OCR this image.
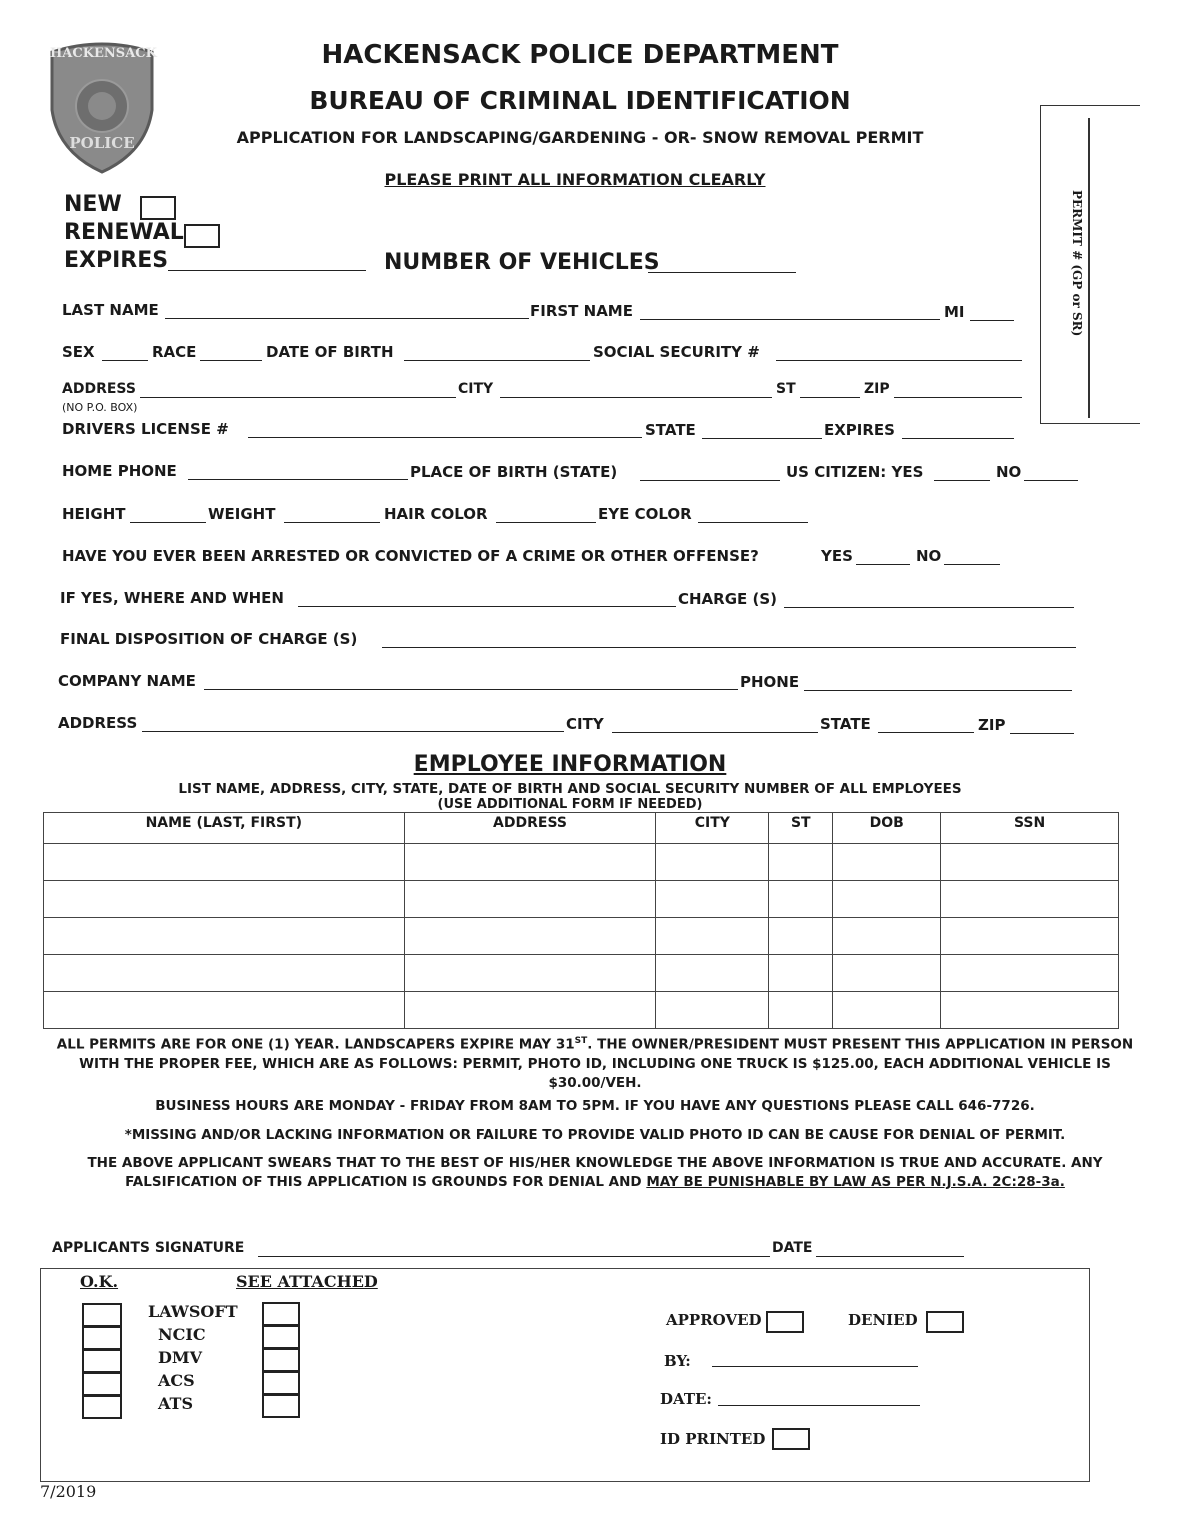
HACKENSACK
POLICE
HACKENSACK POLICE DEPARTMENT
BUREAU OF CRIMINAL IDENTIFICATION
APPLICATION FOR LANDSCAPING/GARDENING - OR- SNOW REMOVAL PERMIT
PLEASE PRINT ALL INFORMATION CLEARLY
PERMIT # (GP or SR)
NEW
RENEWAL
EXPIRES	NUMBER OF VEHICLES
LAST NAME	FIRST NAME	MI
SEX	RACE	DATE OF BIRTH	SOCIAL SECURITY #
ADDRESS	CITY	ST	ZIP
(NO P.O. BOX)
DRIVERS LICENSE #	STATE	EXPIRES
HOME PHONE	PLACE OF BIRTH (STATE)	US CITIZEN: YES	NO
HEIGHT	WEIGHT	HAIR COLOR	EYE COLOR
HAVE YOU EVER BEEN ARRESTED OR CONVICTED OF A CRIME OR OTHER OFFENSE?	YES	NO
IF YES, WHERE AND WHEN	CHARGE (S)
FINAL DISPOSITION OF CHARGE (S)
COMPANY NAME	PHONE
ADDRESS	CITY	STATE	ZIP
EMPLOYEE INFORMATION
LIST NAME, ADDRESS, CITY, STATE, DATE OF BIRTH AND SOCIAL SECURITY NUMBER OF ALL EMPLOYEES
(USE ADDITIONAL FORM IF NEEDED)
NAME (LAST, FIRST)	ADDRESS	CITY	ST	DOB	SSN

ALL PERMITS ARE FOR ONE (1) YEAR. LANDSCAPERS EXPIRE MAY 31ST. THE OWNER/PRESIDENT MUST PRESENT THIS APPLICATION IN PERSON WITH THE PROPER FEE, WHICH ARE AS FOLLOWS: PERMIT, PHOTO ID, INCLUDING ONE TRUCK IS $125.00, EACH ADDITIONAL VEHICLE IS $30.00/VEH.
BUSINESS HOURS ARE MONDAY - FRIDAY FROM 8AM TO 5PM. IF YOU HAVE ANY QUESTIONS PLEASE CALL 646-7726.
*MISSING AND/OR LACKING INFORMATION OR FAILURE TO PROVIDE VALID PHOTO ID CAN BE CAUSE FOR DENIAL OF PERMIT.
THE ABOVE APPLICANT SWEARS THAT TO THE BEST OF HIS/HER KNOWLEDGE THE ABOVE INFORMATION IS TRUE AND ACCURATE. ANY FALSIFICATION OF THIS APPLICATION IS GROUNDS FOR DENIAL AND MAY BE PUNISHABLE BY LAW AS PER N.J.S.A. 2C:28-3a.
APPLICANTS SIGNATURE	DATE
O.K.	SEE ATTACHED
LAWSOFT
NCIC
DMV
ACS
ATS
APPROVED	DENIED
BY:
DATE:
ID PRINTED
7/2019
